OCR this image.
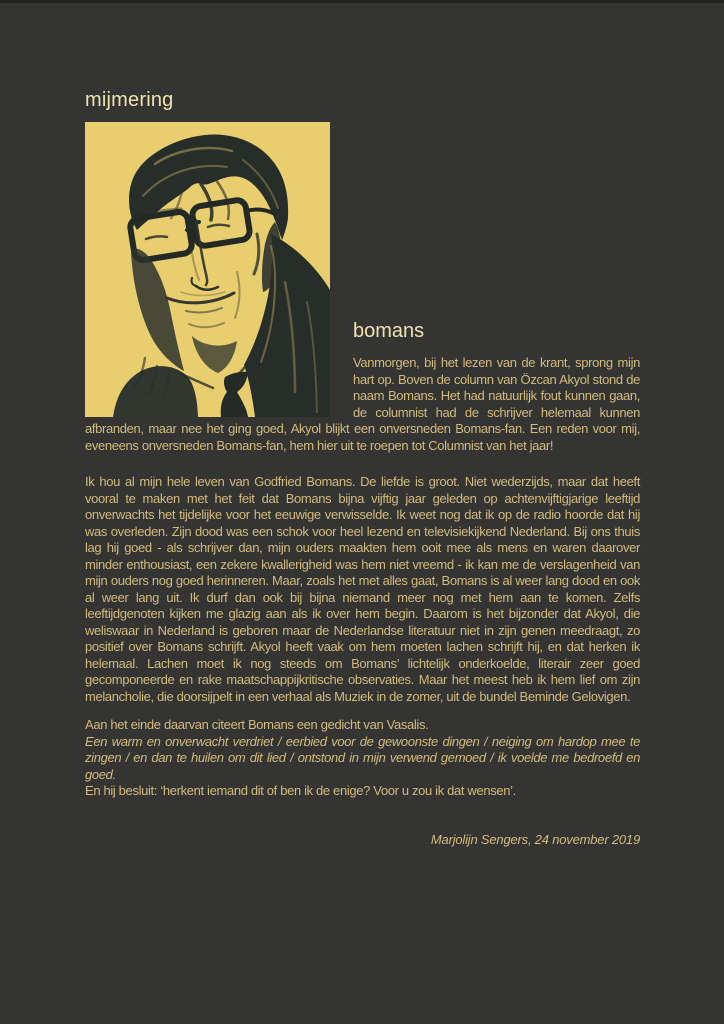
mijmering
bomans

Vanmorgen, bij het lezen van de krant, sprong mijn hart op. Boven de column van Özcan Akyol stond de naam Bomans. Het had natuurlijk fout kunnen gaan, de columnist had de schrijver helemaal kunnen afbranden, maar nee het ging goed, Akyol blijkt een onversneden Bomans-fan. Een reden voor mij, eveneens onversneden Bomans-fan, hem hier uit te roepen tot Columnist van het jaar!

Ik hou al mijn hele leven van Godfried Bomans. De liefde is groot. Niet wederzijds, maar dat heeft vooral te maken met het feit dat Bomans bijna vijftig jaar geleden op achtenvijftigjarige leeftijd onverwachts het tijdelijke voor het eeuwige verwisselde. Ik weet nog dat ik op de radio hoorde dat hij was overleden. Zijn dood was een schok voor heel lezend en televisiekijkend Nederland. Bij ons thuis lag hij goed - als schrijver dan, mijn ouders maakten hem ooit mee als mens en waren daarover minder enthousiast, een zekere kwallerigheid was hem niet vreemd - ik kan me de verslagenheid van mijn ouders nog goed herinneren. Maar, zoals het met alles gaat, Bomans is al weer lang dood en ook al weer lang uit. Ik durf dan ook bij bijna niemand meer nog met hem aan te komen. Zelfs leeftijdgenoten kijken me glazig aan als ik over hem begin. Daarom is het bijzonder dat Akyol, die weliswaar in Nederland is geboren maar de Nederlandse literatuur niet in zijn genen meedraagt, zo positief over Bomans schrijft. Akyol heeft vaak om hem moeten lachen schrijft hij, en dat herken ik helemaal. Lachen moet ik nog steeds om Bomans’ lichtelijk onderkoelde, literair zeer goed gecomponeerde en rake maatschappijkritische observaties. Maar het meest heb ik hem lief om zijn melancholie, die doorsijpelt in een verhaal als Muziek in de zomer, uit de bundel Beminde Gelovigen.

Aan het einde daarvan citeert Bomans een gedicht van Vasalis.
Een warm en onverwacht verdriet / eerbied voor de gewoonste dingen / neiging om hardop mee te zingen / en dan te huilen om dit lied / ontstond in mijn verwend gemoed / ik voelde me bedroefd en goed.
En hij besluit: ‘herkent iemand dit of ben ik de enige? Voor u zou ik dat wensen’.

Marjolijn Sengers, 24 november 2019
